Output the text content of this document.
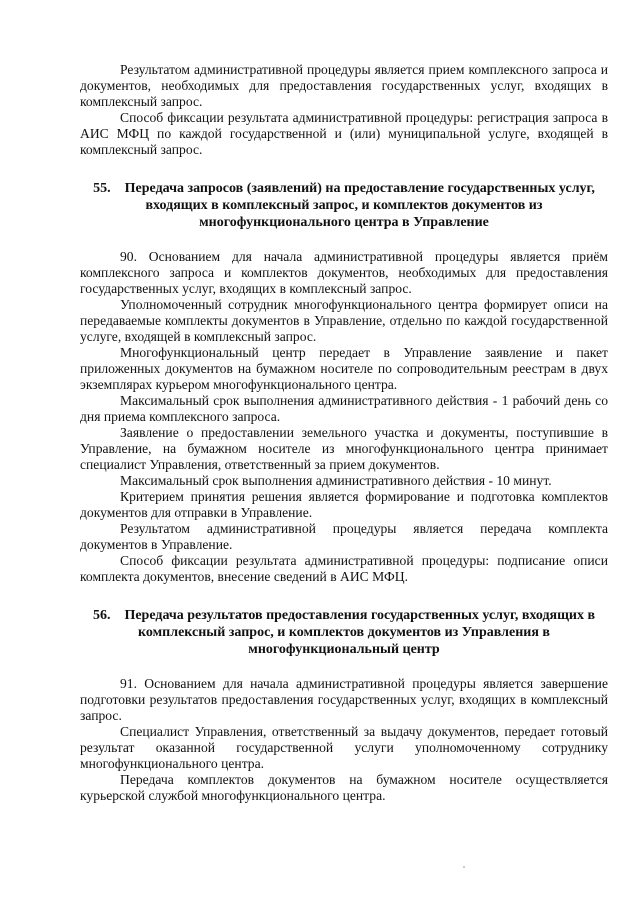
Результатом административной процедуры является прием комплексного запроса и документов, необходимых для предоставления государственных услуг, входящих в комплексный запрос.

Способ фиксации результата административной процедуры: регистрация запроса в АИС МФЦ по каждой государственной и (или) муниципальной услуге, входящей в комплексный запрос.

55. Передача запросов (заявлений) на предоставление государственных услуг, входящих в комплексный запрос, и комплектов документов из многофункционального центра в Управление

90. Основанием для начала административной процедуры является приём комплексного запроса и комплектов документов, необходимых для предоставления государственных услуг, входящих в комплексный запрос.

Уполномоченный сотрудник многофункционального центра формирует описи на передаваемые комплекты документов в Управление, отдельно по каждой государственной услуге, входящей в комплексный запрос.

Многофункциональный центр передает в Управление заявление и пакет приложенных документов на бумажном носителе по сопроводительным реестрам в двух экземплярах курьером многофункционального центра.

Максимальный срок выполнения административного действия - 1 рабочий день со дня приема комплексного запроса.

Заявление о предоставлении земельного участка и документы, поступившие в Управление, на бумажном носителе из многофункционального центра принимает специалист Управления, ответственный за прием документов.

Максимальный срок выполнения административного действия - 10 минут.

Критерием принятия решения является формирование и подготовка комплектов документов для отправки в Управление.

Результатом административной процедуры является передача комплекта документов в Управление.

Способ фиксации результата административной процедуры: подписание описи комплекта документов, внесение сведений в АИС МФЦ.

56. Передача результатов предоставления государственных услуг, входящих в комплексный запрос, и комплектов документов из Управления в многофункциональный центр

91. Основанием для начала административной процедуры является завершение подготовки результатов предоставления государственных услуг, входящих в комплексный запрос.

Специалист Управления, ответственный за выдачу документов, передает готовый результат оказанной государственной услуги уполномоченному сотруднику многофункционального центра.

Передача комплектов документов на бумажном носителе осуществляется курьерской службой многофункционального центра.
